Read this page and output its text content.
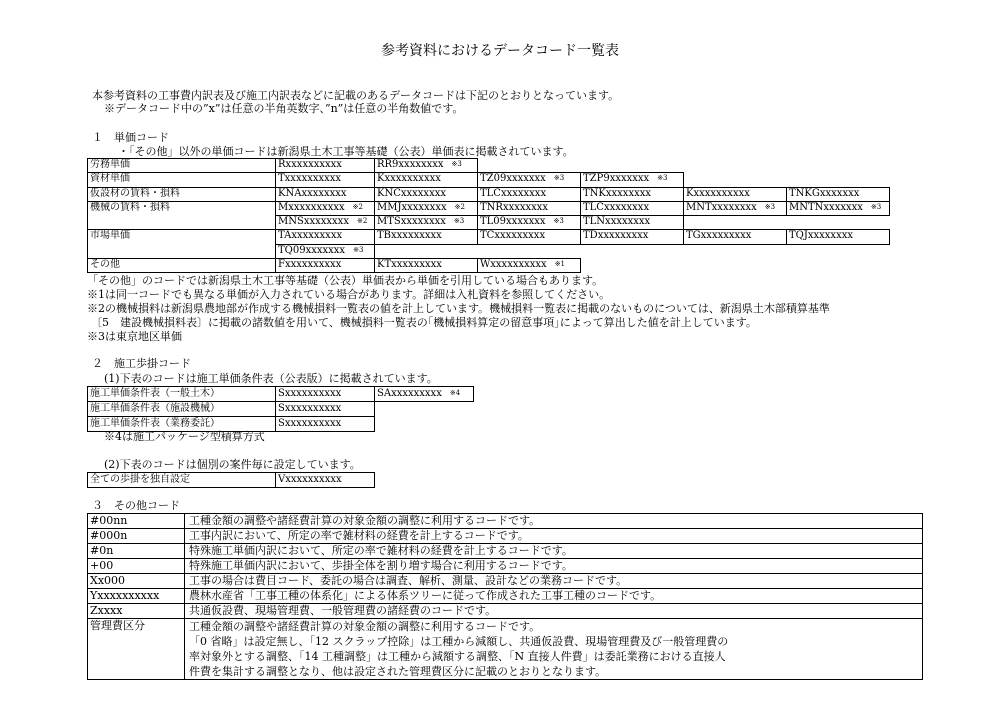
参考資料におけるデータコード一覧表
本参考資料の工事費内訳表及び施工内訳表などに記載のあるデータコードは下記のとおりとなっています。
※データコード中の”x”は任意の半角英数字、”n”は任意の半角数値です。
１　単価コード
・「その他」以外の単価コードは新潟県土木工事等基礎（公表）単価表に掲載されています。
労務単価	Rxxxxxxxxxx	RR9xxxxxxxx ※3				
資材単価	Txxxxxxxxxx	Kxxxxxxxxxx	TZ09xxxxxxx ※3	TZP9xxxxxxx ※3		
仮設材の賃料・損料	KNAxxxxxxxx	KNCxxxxxxxx	TLCxxxxxxxx	TNKxxxxxxxx	Kxxxxxxxxxx	TNKGxxxxxxx
機械の賃料・損料	Mxxxxxxxxxx ※2	MMJxxxxxxxx ※2	TNRxxxxxxxx	TLCxxxxxxxx	MNTxxxxxxxx ※3	MNTNxxxxxxx ※3
	MNSxxxxxxxx ※2	MTSxxxxxxxx ※3	TL09xxxxxxx ※3	TLNxxxxxxxx		
市場単価	TAxxxxxxxxx	TBxxxxxxxxx	TCxxxxxxxxx	TDxxxxxxxxx	TGxxxxxxxxx	TQJxxxxxxxx
	TQ09xxxxxxx ※3					
その他	Fxxxxxxxxxx	KTxxxxxxxxx	Wxxxxxxxxxx ※1			
「その他」のコードでは新潟県土木工事等基礎（公表）単価表から単価を引用している場合もあります。
※1は同一コードでも異なる単価が入力されている場合があります。詳細は入札資料を参照してください。
※2の機械損料は新潟県農地部が作成する機械損料一覧表の値を計上しています。機械損料一覧表に掲載のないものについては、新潟県土木部積算基準
〔5　建設機械損料表〕に掲載の諸数値を用いて、機械損料一覧表の｢機械損料算定の留意事項｣によって算出した値を計上しています。
※3は東京地区単価
２　施工歩掛コード
(1)下表のコードは施工単価条件表（公表版）に掲載されています。
施工単価条件表（一般土木）	Sxxxxxxxxxx	SAxxxxxxxxx ※4
施工単価条件表（施設機械）	Sxxxxxxxxxx	
施工単価条件表（業務委託）	Sxxxxxxxxxx	
※4は施工パッケージ型積算方式
(2)下表のコードは個別の案件毎に設定しています。
全ての歩掛を独自設定	Vxxxxxxxxxx
３　その他コード
#00nn	工種金額の調整や諸経費計算の対象金額の調整に利用するコードです。

#000n	工事内訳において、所定の率で雑材料の経費を計上するコードです。

#0n	特殊施工単価内訳において、所定の率で雑材料の経費を計上するコードです。

+00	特殊施工単価内訳において、歩掛全体を割り増す場合に利用するコードです。

Xx000	工事の場合は費目コード、委託の場合は調査、解析、測量、設計などの業務コードです。

Yxxxxxxxxxx	農林水産省「工事工種の体系化」による体系ツリーに従って作成された工事工種のコードです。

Zxxxx	共通仮設費、現場管理費、一般管理費の諸経費のコードです。

管理費区分	工種金額の調整や諸経費計算の対象金額の調整に利用するコードです。
「0 省略」は設定無し、「12 スクラップ控除」は工種から減額し、共通仮設費、現場管理費及び一般管理費の
率対象外とする調整、「14 工種調整」は工種から減額する調整、「N 直接人件費」は委託業務における直接人
件費を集計する調整となり、他は設定された管理費区分に記載のとおりとなります。
